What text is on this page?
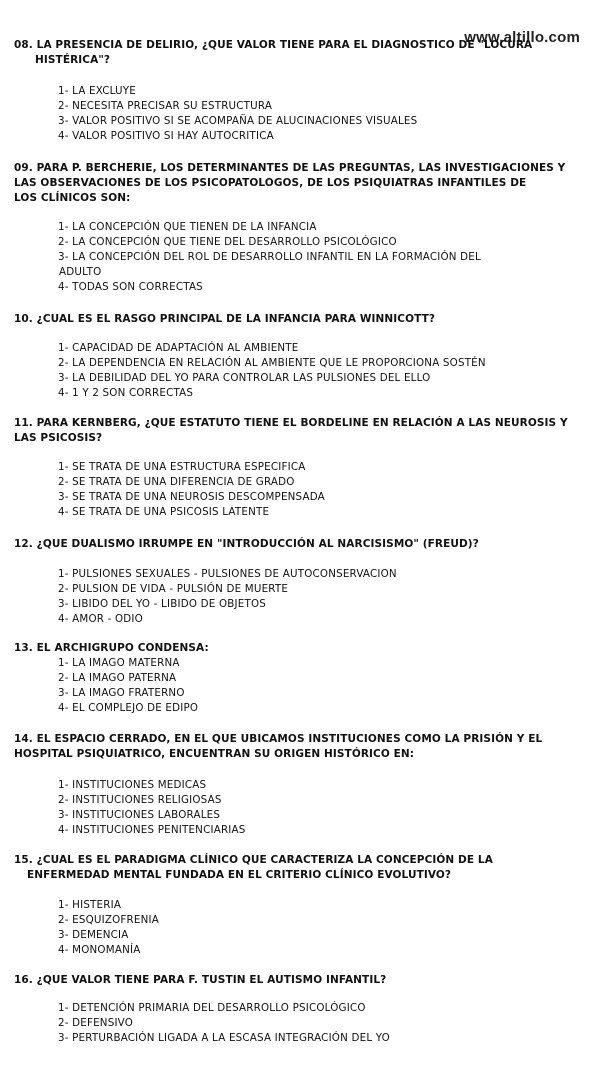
www.altillo.com
08. LA PRESENCIA DE DELIRIO, ¿QUE VALOR TIENE PARA EL DIAGNOSTICO DE "LOCURA
HISTÉRICA"?
1- LA EXCLUYE
2- NECESITA PRECISAR SU ESTRUCTURA
3- VALOR POSITIVO SI SE ACOMPAÑA DE ALUCINACIONES VISUALES
4- VALOR POSITIVO SI HAY AUTOCRITICA
09. PARA P. BERCHERIE, LOS DETERMINANTES DE LAS PREGUNTAS, LAS INVESTIGACIONES Y
LAS OBSERVACIONES DE LOS PSICOPATOLOGOS, DE LOS PSIQUIATRAS INFANTILES DE
LOS CLÍNICOS SON:
1- LA CONCEPCIÓN QUE TIENEN DE LA INFANCIA
2- LA CONCEPCIÓN QUE TIENE DEL DESARROLLO PSICOLÓGICO
3- LA CONCEPCIÓN DEL ROL DE DESARROLLO INFANTIL EN LA FORMACIÓN DEL
ADULTO
4- TODAS SON CORRECTAS
10. ¿CUAL ES EL RASGO PRINCIPAL DE LA INFANCIA PARA WINNICOTT?
1- CAPACIDAD DE ADAPTACIÓN AL AMBIENTE
2- LA DEPENDENCIA EN RELACIÓN AL AMBIENTE QUE LE PROPORCIONA SOSTÉN
3- LA DEBILIDAD DEL YO PARA CONTROLAR LAS PULSIONES DEL ELLO
4- 1 Y 2 SON CORRECTAS
11. PARA KERNBERG, ¿QUE ESTATUTO TIENE EL BORDELINE EN RELACIÓN A LAS NEUROSIS Y
LAS PSICOSIS?
1- SE TRATA DE UNA ESTRUCTURA ESPECIFICA
2- SE TRATA DE UNA DIFERENCIA DE GRADO
3- SE TRATA DE UNA NEUROSIS DESCOMPENSADA
4- SE TRATA DE UNA PSICOSIS LATENTE
12. ¿QUE DUALISMO IRRUMPE EN "INTRODUCCIÓN AL NARCISISMO" (FREUD)?
1- PULSIONES SEXUALES - PULSIONES DE AUTOCONSERVACION
2- PULSION DE VIDA - PULSIÓN DE MUERTE
3- LIBIDO DEL YO - LIBIDO DE OBJETOS
4- AMOR - ODIO
13. EL ARCHIGRUPO CONDENSA:
1- LA IMAGO MATERNA
2- LA IMAGO PATERNA
3- LA IMAGO FRATERNO
4- EL COMPLEJO DE EDIPO
14. EL ESPACIO CERRADO, EN EL QUE UBICAMOS INSTITUCIONES COMO LA PRISIÓN Y EL
HOSPITAL PSIQUIATRICO, ENCUENTRAN SU ORIGEN HISTÓRICO EN:
1- INSTITUCIONES MEDICAS
2- INSTITUCIONES RELIGIOSAS
3- INSTITUCIONES LABORALES
4- INSTITUCIONES PENITENCIARIAS
15. ¿CUAL ES EL PARADIGMA CLÍNICO QUE CARACTERIZA LA CONCEPCIÓN DE LA
ENFERMEDAD MENTAL FUNDADA EN EL CRITERIO CLÍNICO EVOLUTIVO?
1- HISTERIA
2- ESQUIZOFRENIA
3- DEMENCIA
4- MONOMANÍA
16. ¿QUE VALOR TIENE PARA F. TUSTIN EL AUTISMO INFANTIL?
1- DETENCIÓN PRIMARIA DEL DESARROLLO PSICOLÓGICO
2- DEFENSIVO
3- PERTURBACIÓN LIGADA A LA ESCASA INTEGRACIÓN DEL YO
